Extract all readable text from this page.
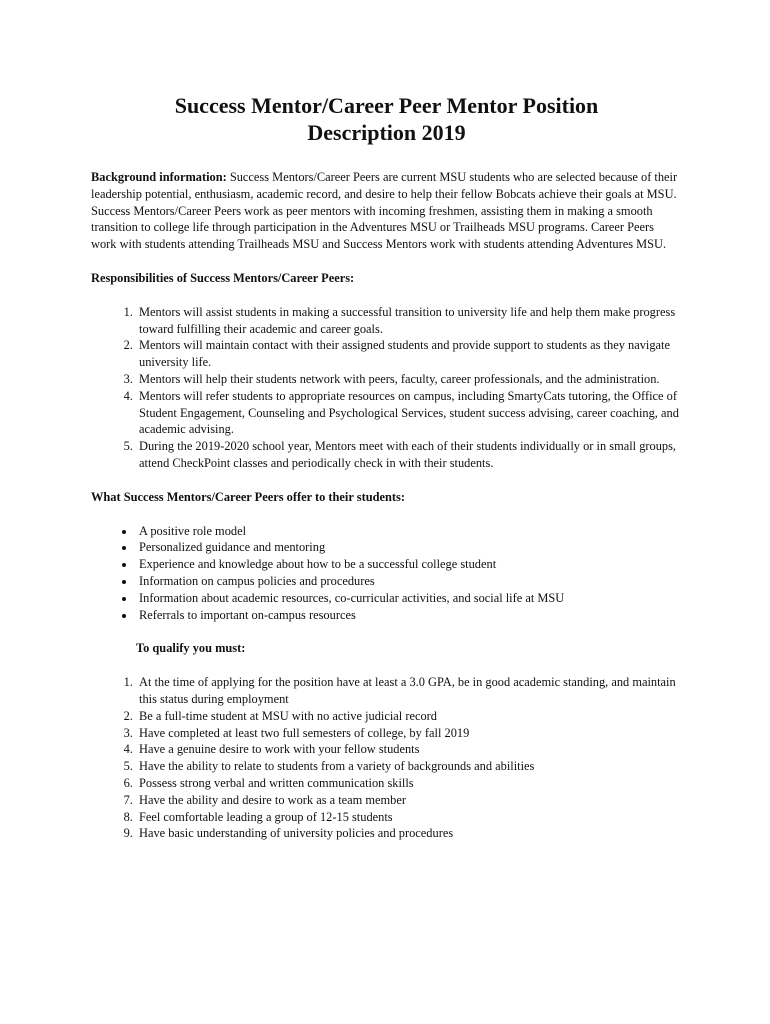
Success Mentor/Career Peer Mentor Position
Description 2019

Background information: Success Mentors/Career Peers are current MSU students who are selected because of their leadership potential, enthusiasm, academic record, and desire to help their fellow Bobcats achieve their goals at MSU. Success Mentors/Career Peers work as peer mentors with incoming freshmen, assisting them in making a smooth transition to college life through participation in the Adventures MSU or Trailheads MSU programs. Career Peers work with students attending Trailheads MSU and Success Mentors work with students attending Adventures MSU.

Responsibilities of Success Mentors/Career Peers:

1. Mentors will assist students in making a successful transition to university life and help them make progress toward fulfilling their academic and career goals.
2. Mentors will maintain contact with their assigned students and provide support to students as they navigate university life.
3. Mentors will help their students network with peers, faculty, career professionals, and the administration.
4. Mentors will refer students to appropriate resources on campus, including SmartyCats tutoring, the Office of Student Engagement, Counseling and Psychological Services, student success advising, career coaching, and academic advising.
5. During the 2019-2020 school year, Mentors meet with each of their students individually or in small groups, attend CheckPoint classes and periodically check in with their students.

What Success Mentors/Career Peers offer to their students:

• A positive role model
• Personalized guidance and mentoring
• Experience and knowledge about how to be a successful college student
• Information on campus policies and procedures
• Information about academic resources, co-curricular activities, and social life at MSU
• Referrals to important on-campus resources

To qualify you must:

1. At the time of applying for the position have at least a 3.0 GPA, be in good academic standing, and maintain this status during employment
2. Be a full-time student at MSU with no active judicial record
3. Have completed at least two full semesters of college, by fall 2019
4. Have a genuine desire to work with your fellow students
5. Have the ability to relate to students from a variety of backgrounds and abilities
6. Possess strong verbal and written communication skills
7. Have the ability and desire to work as a team member
8. Feel comfortable leading a group of 12-15 students
9. Have basic understanding of university policies and procedures
